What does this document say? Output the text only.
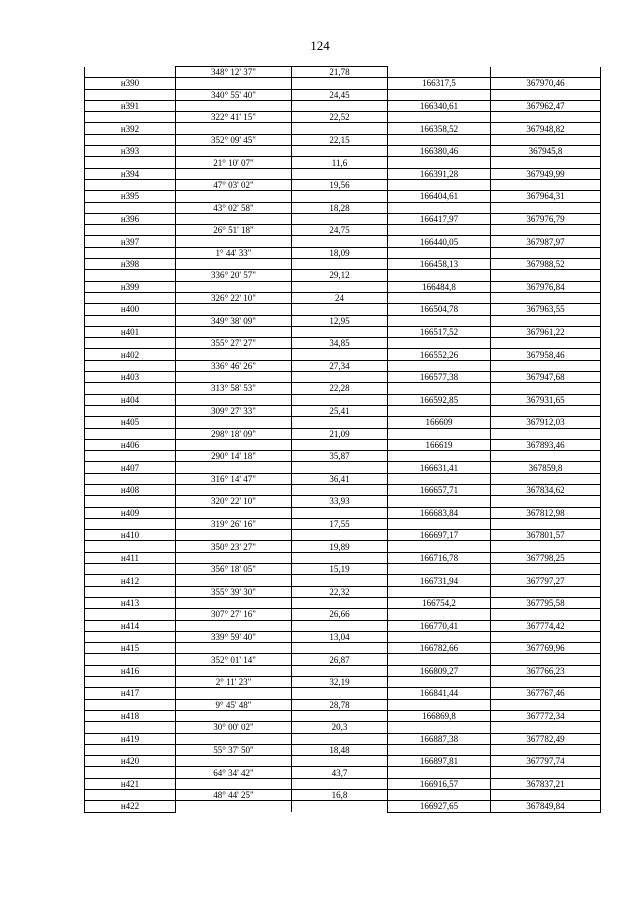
124
	348° 12' 37"	21,78		
н390			166317,5	367970,46
	340° 55' 40"	24,45		
н391			166340,61	367962,47
	322° 41' 15"	22,52		
н392			166358,52	367948,82
	352° 09' 45"	22,15		
н393			166380,46	367945,8
	21° 10' 07"	11,6		
н394			166391,28	367949,99
	47° 03' 02"	19,56		
н395			166404,61	367964,31
	43° 02' 58"	18,28		
н396			166417,97	367976,79
	26° 51' 18"	24,75		
н397			166440,05	367987,97
	1° 44' 33"	18,09		
н398			166458,13	367988,52
	336° 20' 57"	29,12		
н399			166484,8	367976,84
	326° 22' 10"	24		
н400			166504,78	367963,55
	349° 38' 09"	12,95		
н401			166517,52	367961,22
	355° 27' 27"	34,85		
н402			166552,26	367958,46
	336° 46' 26"	27,34		
н403			166577,38	367947,68
	313° 58' 53"	22,28		
н404			166592,85	367931,65
	309° 27' 33"	25,41		
н405			166609	367912,03
	298° 18' 09"	21,09		
н406			166619	367893,46
	290° 14' 18"	35,87		
н407			166631,41	367859,8
	316° 14' 47"	36,41		
н408			166657,71	367834,62
	320° 22' 10"	33,93		
н409			166683,84	367812,98
	319° 26' 16"	17,55		
н410			166697,17	367801,57
	350° 23' 27"	19,89		
н411			166716,78	367798,25
	356° 18' 05"	15,19		
н412			166731,94	367797,27
	355° 39' 30"	22,32		
н413			166754,2	367795,58
	307° 27' 16"	26,66		
н414			166770,41	367774,42
	339° 59' 40"	13,04		
н415			166782,66	367769,96
	352° 01' 14"	26,87		
н416			166809,27	367766,23
	2° 11' 23"	32,19		
н417			166841,44	367767,46
	9° 45' 48"	28,78		
н418			166869,8	367772,34
	30° 00' 02"	20,3		
н419			166887,38	367782,49
	55° 37' 50"	18,48		
н420			166897,81	367797,74
	64° 34' 42"	43,7		
н421			166916,57	367837,21
	48° 44' 25"	16,8		
н422			166927,65	367849,84
